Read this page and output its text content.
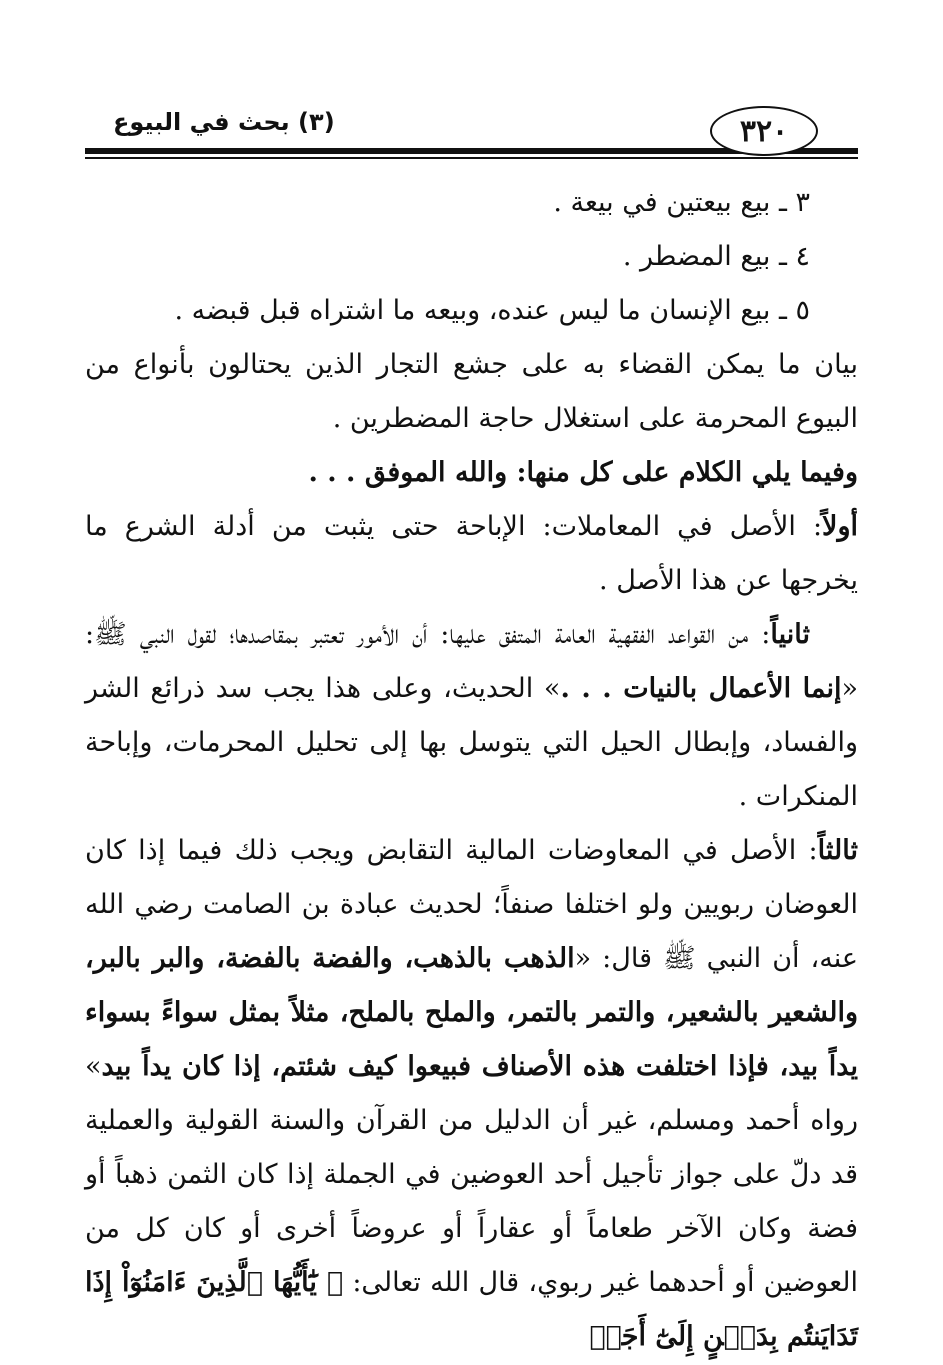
٣٢٠
(٣) بحث في البيوع

٣ ـ بيع بيعتين في بيعة .

٤ ـ بيع المضطر .

٥ ـ بيع الإنسان ما ليس عنده، وبيعه ما اشتراه قبل قبضه .

بيان ما يمكن القضاء به على جشع التجار الذين يحتالون بأنواع من البيوع المحرمة على استغلال حاجة المضطرين .

وفيما يلي الكلام على كل منها: والله الموفق . . .

أولاً: الأصل في المعاملات: الإباحة حتى يثبت من أدلة الشرع ما يخرجها عن هذا الأصل .

ثانياً: من القواعد الفقهية العامة المتفق عليها: أن الأمور تعتبر بمقاصدها؛ لقول النبي ﷺ: «إنما الأعمال بالنيات . . .» الحديث، وعلى هذا يجب سد ذرائع الشر والفساد، وإبطال الحيل التي يتوسل بها إلى تحليل المحرمات، وإباحة المنكرات .

ثالثاً: الأصل في المعاوضات المالية التقابض ويجب ذلك فيما إذا كان العوضان ربويين ولو اختلفا صنفاً؛ لحديث عبادة بن الصامت رضي الله عنه، أن النبي ﷺ قال: «الذهب بالذهب، والفضة بالفضة، والبر بالبر، والشعير بالشعير، والتمر بالتمر، والملح بالملح، مثلاً بمثل سواءً بسواء يداً بيد، فإذا اختلفت هذه الأصناف فبيعوا كيف شئتم، إذا كان يداً بيد» رواه أحمد ومسلم، غير أن الدليل من القرآن والسنة القولية والعملية قد دلّ على جواز تأجيل أحد العوضين في الجملة إذا كان الثمن ذهباً أو فضة وكان الآخر طعاماً أو عقاراً أو عروضاً أخرى أو كان كل من العوضين أو أحدهما غير ربوي، قال الله تعالى: ﴿ يَٰٓأَيُّهَا ٱلَّذِينَ ءَامَنُوٓاْ إِذَا تَدَايَنتُم بِدَيۡنٍ إِلَىٰٓ أَجَلٖ
